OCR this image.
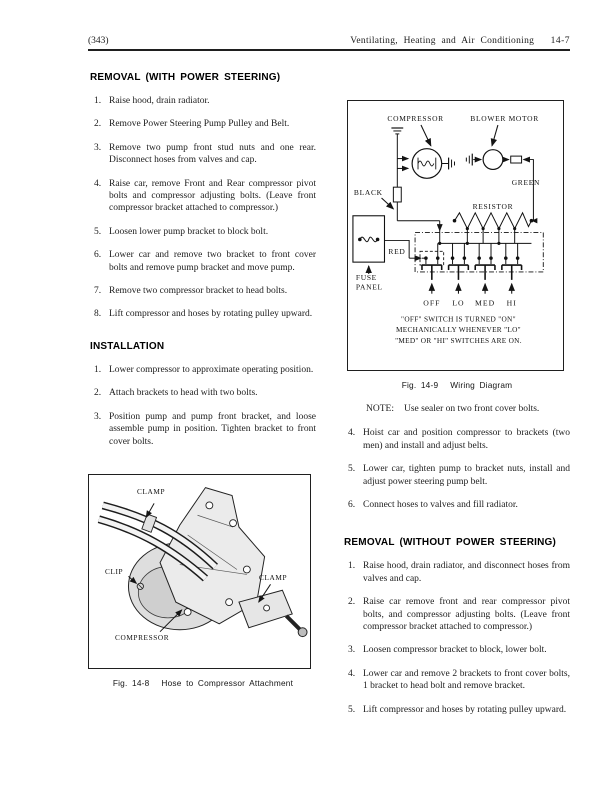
(343)	Ventilating, Heating and Air Conditioning 14-7
REMOVAL (WITH POWER STEERING)
1. Raise hood, drain radiator.
2. Remove Power Steering Pump Pulley and Belt.
3. Remove two pump front stud nuts and one rear. Disconnect hoses from valves and cap.
4. Raise car, remove Front and Rear compressor pivot bolts and compressor adjusting bolts. (Leave front compressor bracket attached to compressor.)
5. Loosen lower pump bracket to block bolt.
6. Lower car and remove two bracket to front cover bolts and remove pump bracket and move pump.
7. Remove two compressor bracket to head bolts.
8. Lift compressor and hoses by rotating pulley upward.
INSTALLATION
1. Lower compressor to approximate operating position.
2. Attach brackets to head with two bolts.
3. Position pump and pump front bracket, and loose assemble pump in position. Tighten bracket to front cover bolts.
CLAMP
CLIP
CLAMP
COMPRESSOR
Fig. 14-8 Hose to Compressor Attachment
COMPRESSOR	BLOWER MOTOR
GREEN
BLACK
RESISTOR
FUSE
PANEL
RED
OFF LO MED HI
"OFF" SWITCH IS TURNED "ON"
MECHANICALLY WHENEVER "LO"
"MED" OR "HI" SWITCHES ARE ON.
Fig. 14-9 Wiring Diagram
NOTE: Use sealer on two front cover bolts.
4. Hoist car and position compressor to brackets (two men) and install and adjust belts.
5. Lower car, tighten pump to bracket nuts, install and adjust power steering pump belt.
6. Connect hoses to valves and fill radiator.
REMOVAL (WITHOUT POWER STEERING)
1. Raise hood, drain radiator, and disconnect hoses from valves and cap.
2. Raise car remove front and rear compressor pivot bolts, and compressor adjusting bolts. (Leave front compressor bracket attached to compressor.)
3. Loosen compressor bracket to block, lower bolt.
4. Lower car and remove 2 brackets to front cover bolts, 1 bracket to head bolt and remove bracket.
5. Lift compressor and hoses by rotating pulley upward.
